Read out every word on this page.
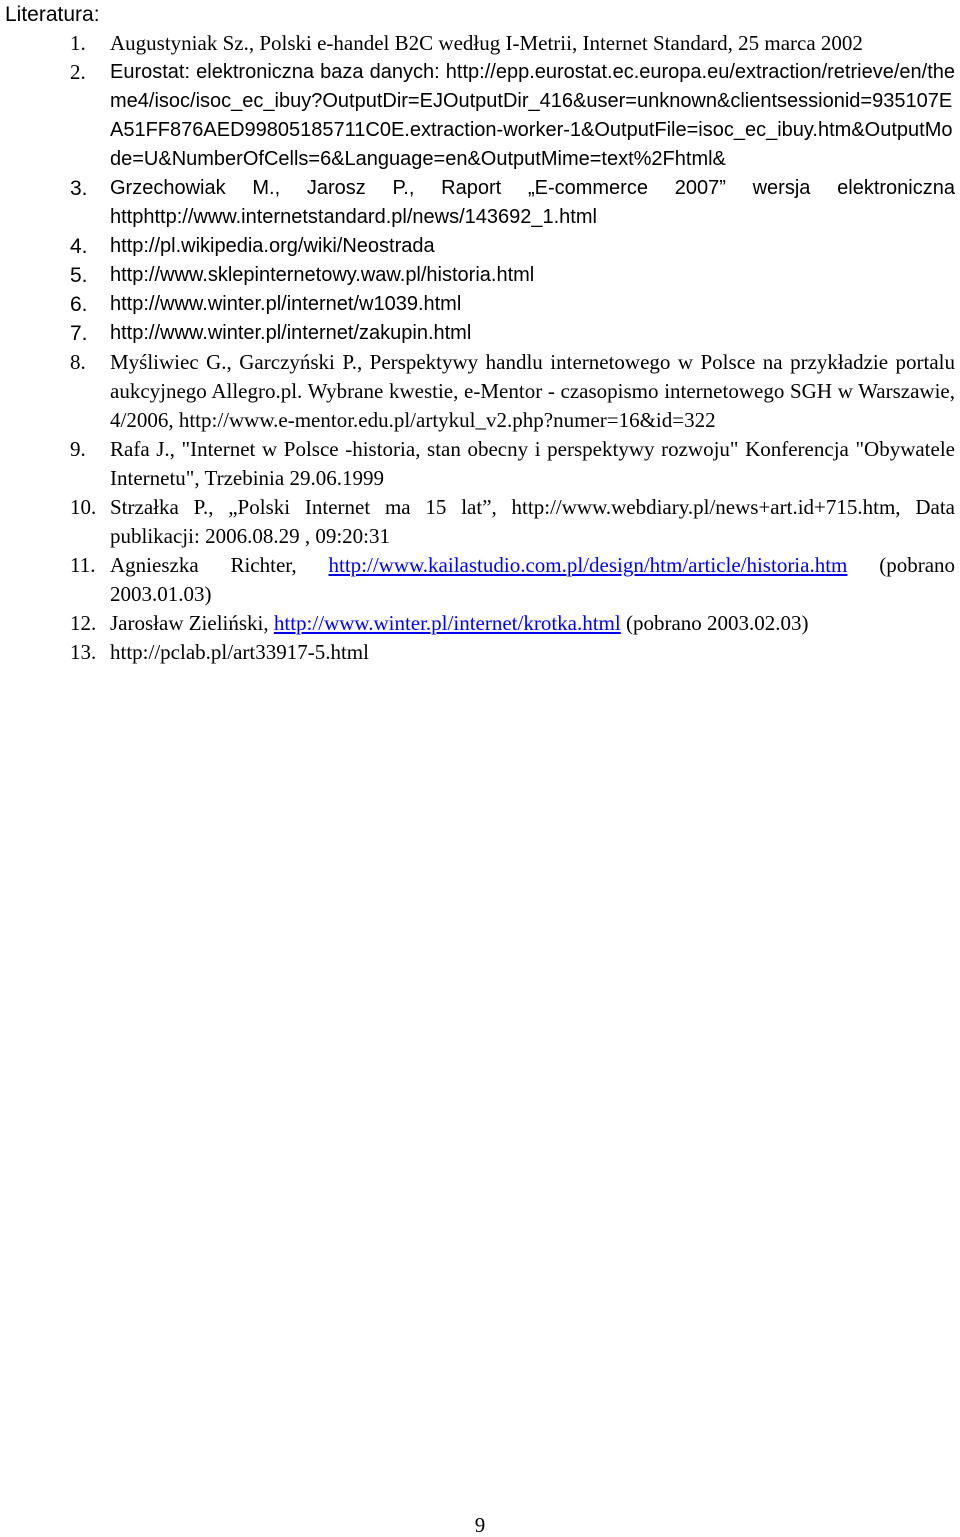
Literatura:
1.	Augustyniak Sz., Polski e-handel B2C według I-Metrii, Internet Standard, 25 marca 2002
2.	Eurostat: elektroniczna baza danych: http://epp.eurostat.ec.europa.eu/extraction/retrieve/en/theme4/isoc/isoc_ec_ibuy?OutputDir=EJOutputDir_416&user=unknown&clientsessionid=935107EA51FF876AED99805185711C0E.extraction-worker-1&OutputFile=isoc_ec_ibuy.htm&OutputMode=U&NumberOfCells=6&Language=en&OutputMime=text%2Fhtml&
3.	Grzechowiak M., Jarosz P., Raport „E-commerce 2007” wersja elektroniczna httphttp://www.internetstandard.pl/news/143692_1.html
4.	http://pl.wikipedia.org/wiki/Neostrada
5.	http://www.sklepinternetowy.waw.pl/historia.html
6.	http://www.winter.pl/internet/w1039.html
7.	http://www.winter.pl/internet/zakupin.html
8.	Myśliwiec G., Garczyński P., Perspektywy handlu internetowego w Polsce na przykładzie portalu aukcyjnego Allegro.pl. Wybrane kwestie, e-Mentor - czasopismo internetowego SGH w Warszawie, 4/2006, http://www.e-mentor.edu.pl/artykul_v2.php?numer=16&id=322
9.	Rafa J., "Internet w Polsce -historia, stan obecny i perspektywy rozwoju" Konferencja "Obywatele Internetu", Trzebinia 29.06.1999
10. Strzałka P., „Polski Internet ma 15 lat”, http://www.webdiary.pl/news+art.id+715.htm, Data publikacji: 2006.08.29 , 09:20:31
11. Agnieszka Richter, http://www.kailastudio.com.pl/design/htm/article/historia.htm (pobrano 2003.01.03)
12. Jarosław Zieliński, http://www.winter.pl/internet/krotka.html (pobrano 2003.02.03)
13. http://pclab.pl/art33917-5.html
9
